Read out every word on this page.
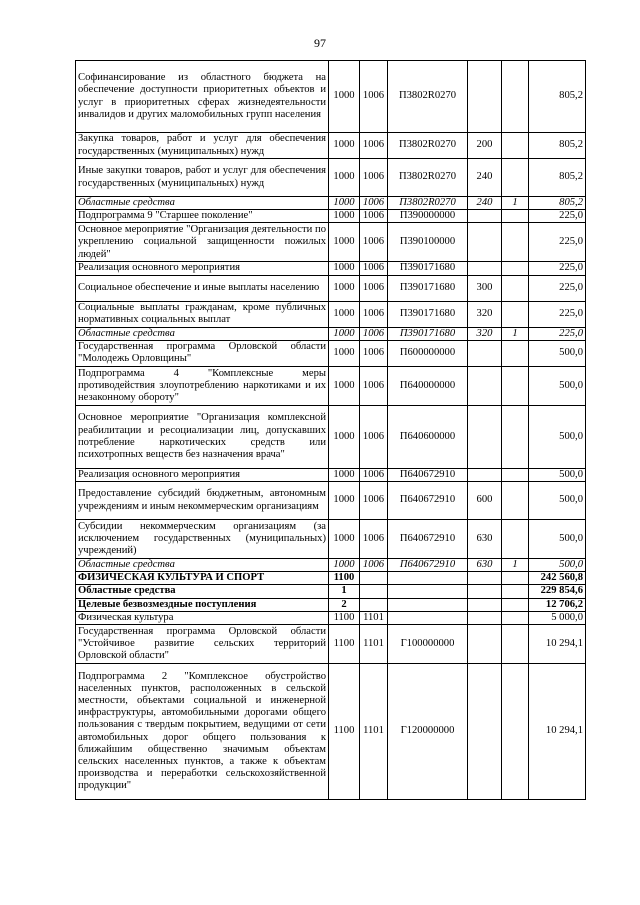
97
Софинансирование из областного бюджета на обеспечение доступности приоритетных объектов и услуг в приоритетных сферах жизнедеятельности инвалидов и других маломобильных групп населения	1000	1006	П3802R0270			805,2
Закупка товаров, работ и услуг для обеспечения государственных (муниципальных) нужд	1000	1006	П3802R0270	200		805,2
Иные закупки товаров, работ и услуг для обеспечения государственных (муниципальных) нужд	1000	1006	П3802R0270	240		805,2
Областные средства	1000	1006	П3802R0270	240	1	805,2
Подпрограмма 9 "Старшее поколение"	1000	1006	П390000000			225,0
Основное мероприятие "Организация деятельности по укреплению социальной защищенности пожилых людей"	1000	1006	П390100000			225,0
Реализация основного мероприятия	1000	1006	П390171680			225,0
Социальное обеспечение и иные выплаты населению	1000	1006	П390171680	300		225,0
Социальные выплаты гражданам, кроме публичных нормативных социальных выплат	1000	1006	П390171680	320		225,0
Областные средства	1000	1006	П390171680	320	1	225,0
Государственная программа Орловской области "Молодежь Орловщины"	1000	1006	П600000000			500,0
Подпрограмма 4 "Комплексные меры противодействия злоупотреблению наркотиками и их незаконному обороту"	1000	1006	П640000000			500,0
Основное мероприятие "Организация комплексной реабилитации и ресоциализации лиц, допускавших потребление наркотических средств или психотропных веществ без назначения врача"	1000	1006	П640600000			500,0
Реализация основного мероприятия	1000	1006	П640672910			500,0
Предоставление субсидий бюджетным, автономным учреждениям и иным некоммерческим организациям	1000	1006	П640672910	600		500,0
Субсидии некоммерческим организациям (за исключением государственных (муниципальных) учреждений)	1000	1006	П640672910	630		500,0
Областные средства	1000	1006	П640672910	630	1	500,0
ФИЗИЧЕСКАЯ КУЛЬТУРА И СПОРТ	1100					242 560,8
Областные средства	1					229 854,6
Целевые безвозмездные поступления	2					12 706,2
Физическая культура	1100	1101				5 000,0
Государственная программа Орловской области "Устойчивое развитие сельских территорий Орловской области"	1100	1101	Г100000000			10 294,1
Подпрограмма 2 "Комплексное обустройство населенных пунктов, расположенных в сельской местности, объектами социальной и инженерной инфраструктуры, автомобильными дорогами общего пользования с твердым покрытием, ведущими от сети автомобильных дорог общего пользования к ближайшим общественно значимым объектам сельских населенных пунктов, а также к объектам производства и переработки сельскохозяйственной продукции"	1100	1101	Г120000000			10 294,1
